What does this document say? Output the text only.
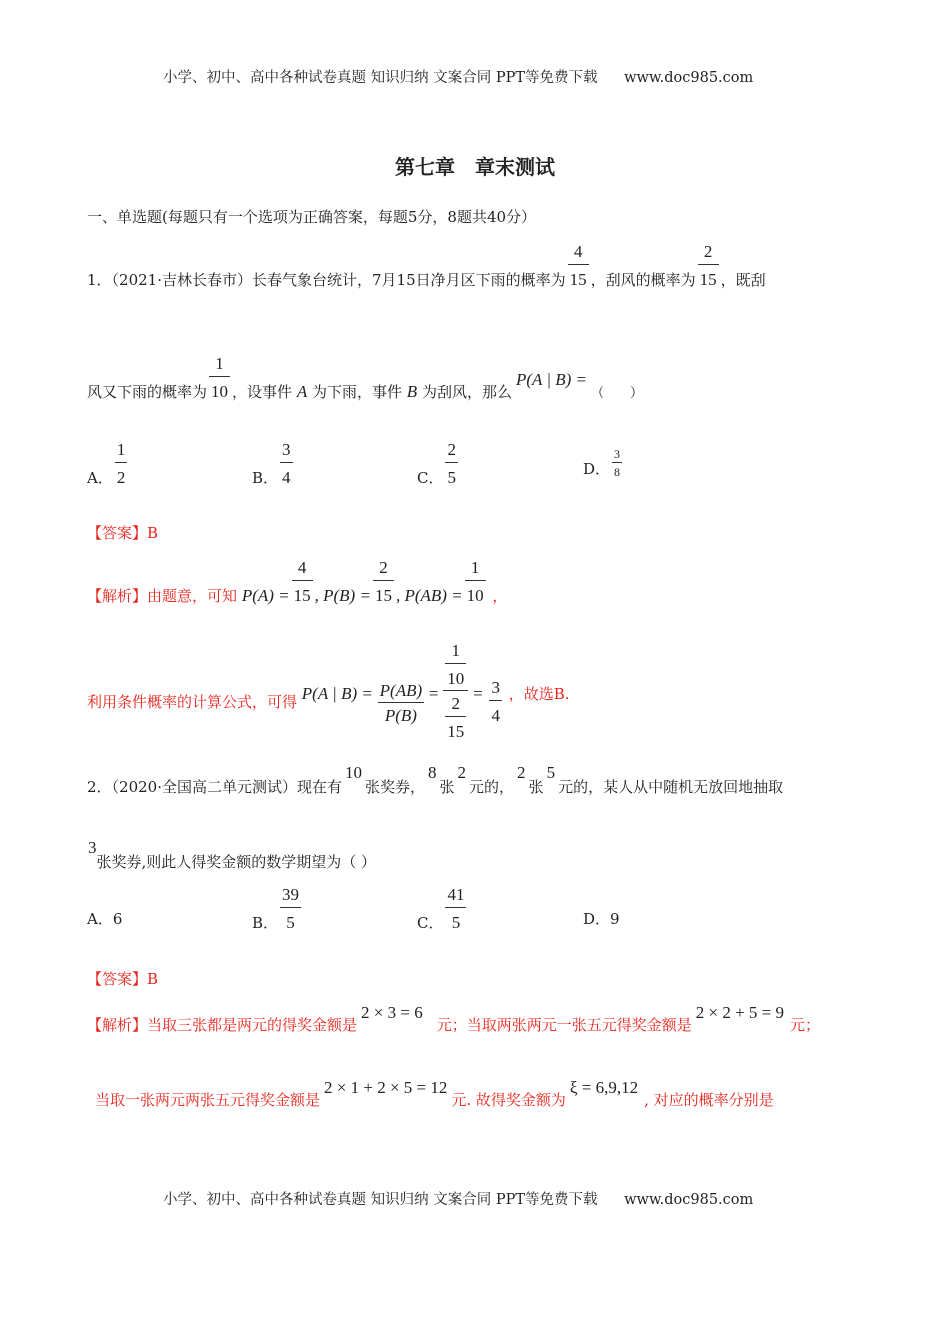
小学、初中、高中各种试卷真题 知识归纳 文案合同 PPT等免费下载 www.doc985.com
第七章　章末测试
一、单选题(每题只有一个选项为正确答案，每题5分，8题共40分）
1．（2021·吉林长春市）长春气象台统计，7月15日净月区下雨的概率为 $\frac{4}{15}$ ，刮风的概率为 $\frac{2}{15}$ ，既刮
风又下雨的概率为 $\frac{1}{10}$ ，设事件 A 为下雨，事件 B 为刮风，那么P(A | B) =（　　）
A． $\frac{1}{2}$	B． $\frac{3}{4}$	C． $\frac{2}{5}$	D． $\frac{3}{8}$
【答案】B
【解析】由题意，可知 $P(A) = \frac{4}{15}$ , $P(B) = \frac{2}{15}$ , $P(AB) = \frac{1}{10}$ ，
利用条件概率的计算公式，可得 P(A | $B) = \frac{P(AB)}{P(B)} = \frac{\frac{1}{10}}{\frac{2}{15}} = \frac{3}{4}$ ，故选B.
2．（2020·全国高二单元测试）现在有10张奖券，8张2元的，2张5元的，某人从中随机无放回地抽取
3张奖券,则此人得奖金额的数学期望为（ ）
A．6	B． $\frac{39}{5}$	C． $\frac{41}{5}$	D．9
【答案】B
【解析】当取三张都是两元的得奖金额是2 × 3 = 6元；当取两张两元一张五元得奖金额是2 × 2 + 5 = 9元；
当取一张两元两张五元得奖金额是2 × 1 + 2 × 5 = 12元. 故得奖金额为ξ = 6,9,12, 对应的概率分别是
小学、初中、高中各种试卷真题 知识归纳 文案合同 PPT等免费下载 www.doc985.com
